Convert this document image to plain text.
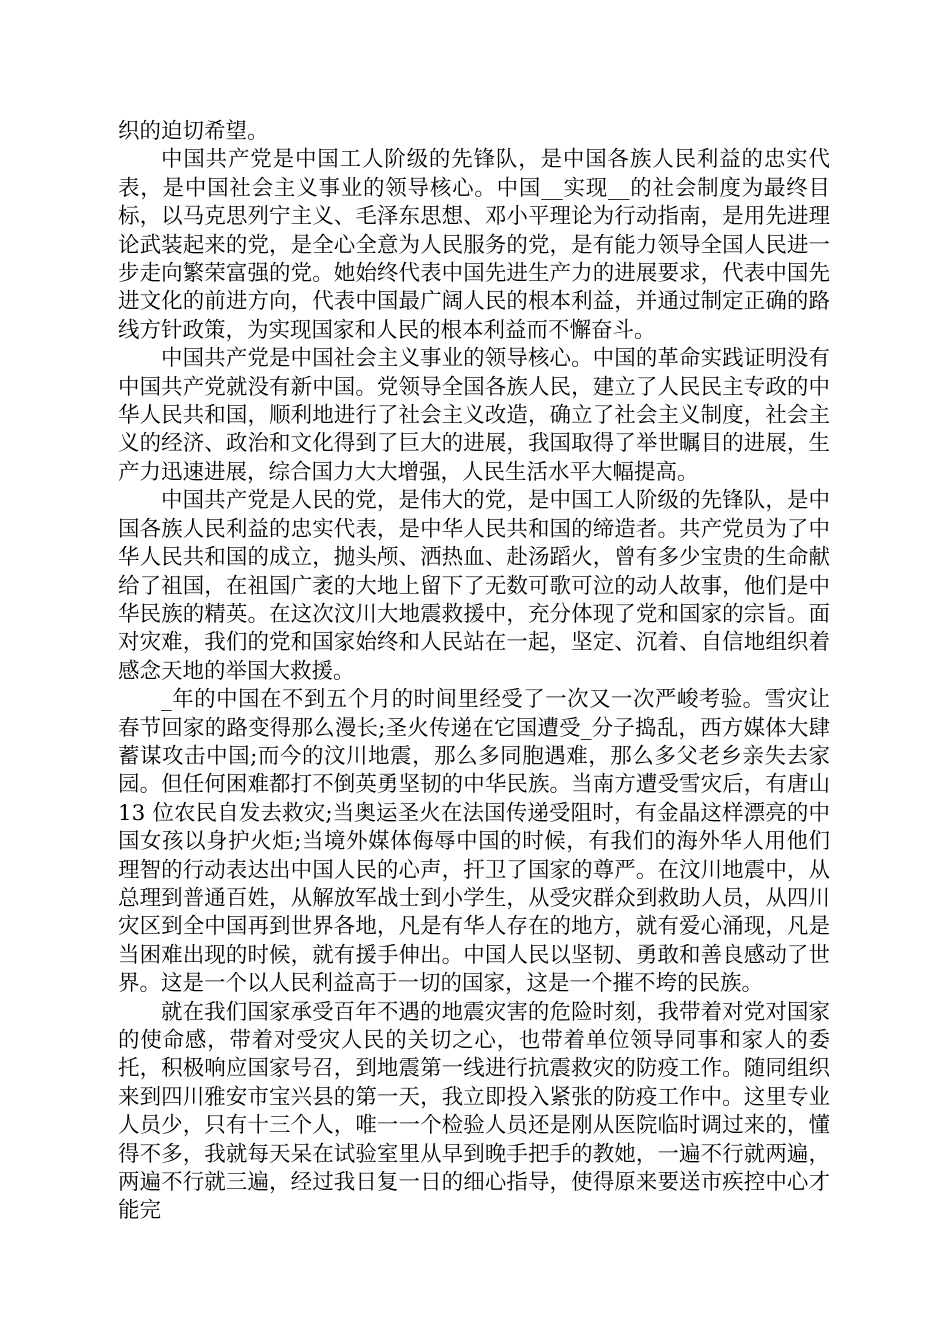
织的迫切希望。

中国共产党是中国工人阶级的先锋队，是中国各族人民利益的忠实代表，是中国社会主义事业的领导核心。中国__实现__的社会制度为最终目标，以马克思列宁主义、毛泽东思想、邓小平理论为行动指南，是用先进理论武装起来的党，是全心全意为人民服务的党，是有能力领导全国人民进一步走向繁荣富强的党。她始终代表中国先进生产力的进展要求，代表中国先进文化的前进方向，代表中国最广阔人民的根本利益，并通过制定正确的路线方针政策，为实现国家和人民的根本利益而不懈奋斗。

中国共产党是中国社会主义事业的领导核心。中国的革命实践证明没有中国共产党就没有新中国。党领导全国各族人民，建立了人民民主专政的中华人民共和国，顺利地进行了社会主义改造，确立了社会主义制度，社会主义的经济、政治和文化得到了巨大的进展，我国取得了举世瞩目的进展，生产力迅速进展，综合国力大大增强，人民生活水平大幅提高。

中国共产党是人民的党，是伟大的党，是中国工人阶级的先锋队，是中国各族人民利益的忠实代表，是中华人民共和国的缔造者。共产党员为了中华人民共和国的成立，抛头颅、洒热血、赴汤蹈火，曾有多少宝贵的生命献给了祖国，在祖国广袤的大地上留下了无数可歌可泣的动人故事，他们是中华民族的精英。在这次汶川大地震救援中，充分体现了党和国家的宗旨。面对灾难，我们的党和国家始终和人民站在一起，坚定、沉着、自信地组织着感念天地的举国大救援。

_年的中国在不到五个月的时间里经受了一次又一次严峻考验。雪灾让春节回家的路变得那么漫长;圣火传递在它国遭受_分子捣乱，西方媒体大肆蓄谋攻击中国;而今的汶川地震，那么多同胞遇难，那么多父老乡亲失去家园。但任何困难都打不倒英勇坚韧的中华民族。当南方遭受雪灾后，有唐山 13 位农民自发去救灾;当奥运圣火在法国传递受阻时，有金晶这样漂亮的中国女孩以身护火炬;当境外媒体侮辱中国的时候，有我们的海外华人用他们理智的行动表达出中国人民的心声，扞卫了国家的尊严。在汶川地震中，从总理到普通百姓，从解放军战士到小学生，从受灾群众到救助人员，从四川灾区到全中国再到世界各地，凡是有华人存在的地方，就有爱心涌现，凡是当困难出现的时候，就有援手伸出。中国人民以坚韧、勇敢和善良感动了世界。这是一个以人民利益高于一切的国家，这是一个摧不垮的民族。

就在我们国家承受百年不遇的地震灾害的危险时刻，我带着对党对国家的使命感，带着对受灾人民的关切之心，也带着单位领导同事和家人的委托，积极响应国家号召，到地震第一线进行抗震救灾的防疫工作。随同组织来到四川雅安市宝兴县的第一天，我立即投入紧张的防疫工作中。这里专业人员少，只有十三个人，唯一一个检验人员还是刚从医院临时调过来的，懂得不多，我就每天呆在试验室里从早到晚手把手的教她，一遍不行就两遍，两遍不行就三遍，经过我日复一日的细心指导，使得原来要送市疾控中心才能完
